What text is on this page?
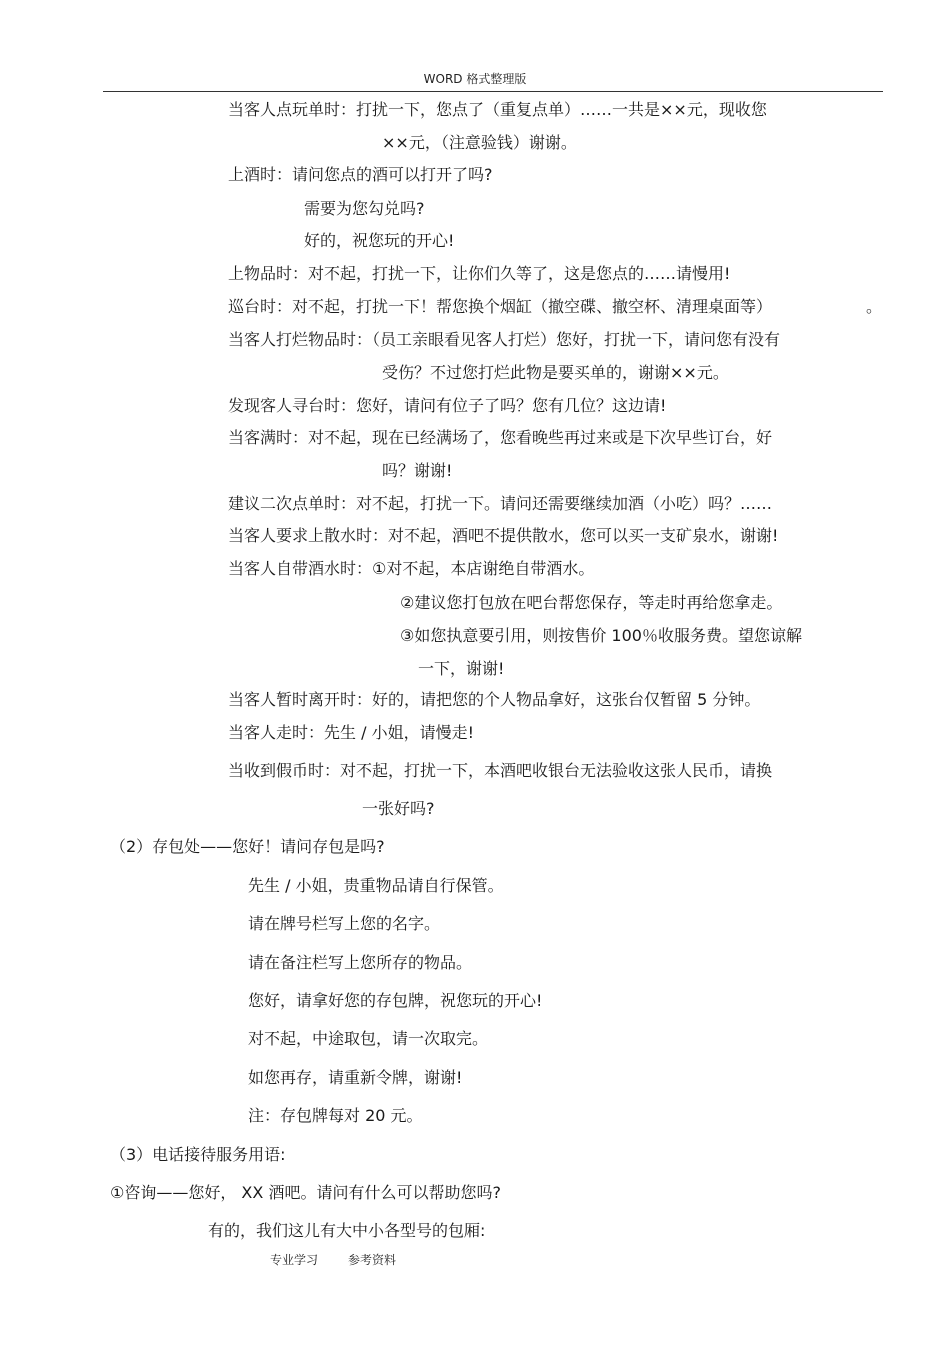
WORD 格式整理版
当客人点玩单时：打扰一下，您点了（重复点单）……一共是××元，现收您
××元，（注意验钱）谢谢。
上酒时：请问您点的酒可以打开了吗?
需要为您勾兑吗?
好的，祝您玩的开心!
上物品时：对不起，打扰一下，让你们久等了，这是您点的……请慢用!
巡台时：对不起，打扰一下！帮您换个烟缸（撤空碟、撤空杯、清理桌面等）	。
当客人打烂物品时：（员工亲眼看见客人打烂）您好，打扰一下，请问您有没有
受伤？不过您打烂此物是要买单的，谢谢××元。
发现客人寻台时：您好，请问有位子了吗？您有几位？这边请!
当客满时：对不起，现在已经满场了，您看晚些再过来或是下次早些订台，好
吗？谢谢!
建议二次点单时：对不起，打扰一下。请问还需要继续加酒（小吃）吗？……
当客人要求上散水时：对不起，酒吧不提供散水，您可以买一支矿泉水，谢谢!
当客人自带酒水时：①对不起，本店谢绝自带酒水。
②建议您打包放在吧台帮您保存，等走时再给您拿走。
③如您执意要引用，则按售价 100％收服务费。望您谅解
一下，谢谢!
当客人暂时离开时：好的，请把您的个人物品拿好，这张台仅暂留 5 分钟。
当客人走时：先生 / 小姐，请慢走!
当收到假币时：对不起，打扰一下，本酒吧收银台无法验收这张人民币，请换
一张好吗?
（2）存包处——您好！请问存包是吗?
先生 / 小姐，贵重物品请自行保管。
请在牌号栏写上您的名字。
请在备注栏写上您所存的物品。
您好，请拿好您的存包牌，祝您玩的开心!
对不起，中途取包，请一次取完。
如您再存，请重新令牌，谢谢!
注：存包牌每对 20 元。
（3）电话接待服务用语:
①咨询——您好， XX 酒吧。请问有什么可以帮助您吗?
有的，我们这儿有大中小各型号的包厢:
专业学习 参考资料
